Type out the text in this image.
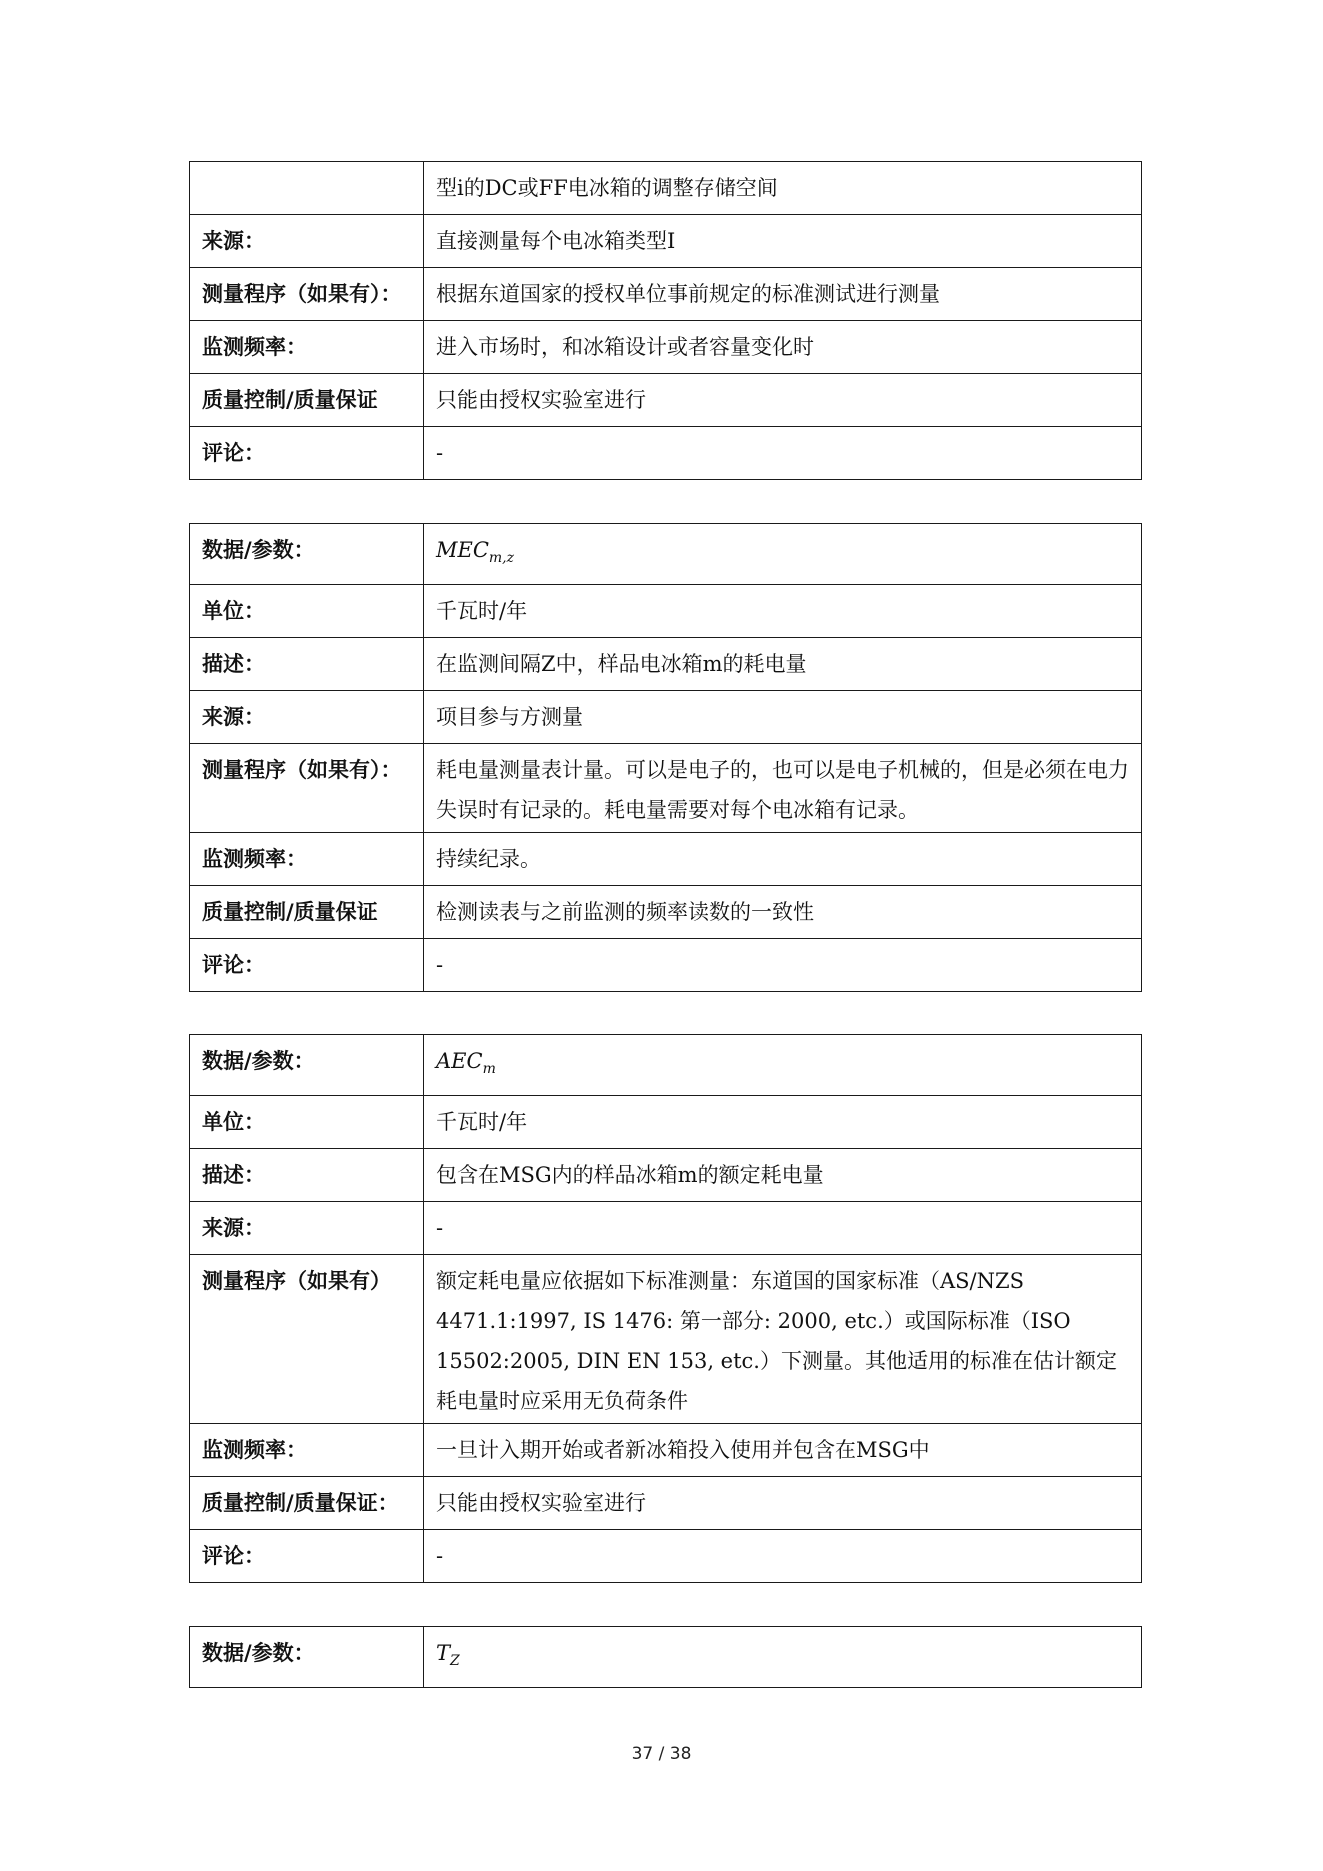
	型i的DC或FF电冰箱的调整存储空间
来源：	直接测量每个电冰箱类型I
测量程序（如果有）：	根据东道国家的授权单位事前规定的标准测试进行测量
监测频率：	进入市场时，和冰箱设计或者容量变化时
质量控制/质量保证	只能由授权实验室进行
评论：	-
数据/参数：	$MEC_{m,z}$
单位：	千瓦时/年
描述：	在监测间隔Z中，样品电冰箱m的耗电量
来源：	项目参与方测量
测量程序（如果有）：	耗电量测量表计量。可以是电子的，也可以是电子机械的，但是必须在电力失误时有记录的。耗电量需要对每个电冰箱有记录。
监测频率：	持续纪录。
质量控制/质量保证	检测读表与之前监测的频率读数的一致性
评论：	-
数据/参数：	$AEC_m$
单位：	千瓦时/年
描述：	包含在MSG内的样品冰箱m的额定耗电量
来源：	-
测量程序（如果有）	额定耗电量应依据如下标准测量：东道国的国家标准（AS/NZS 4471.1:1997, IS 1476: 第一部分: 2000, etc.）或国际标准（ISO 15502:2005, DIN EN 153, etc.）下测量。其他适用的标准在估计额定耗电量时应采用无负荷条件
监测频率：	一旦计入期开始或者新冰箱投入使用并包含在MSG中
质量控制/质量保证：	只能由授权实验室进行
评论：	-
数据/参数：	$T_Z$
37 / 38
